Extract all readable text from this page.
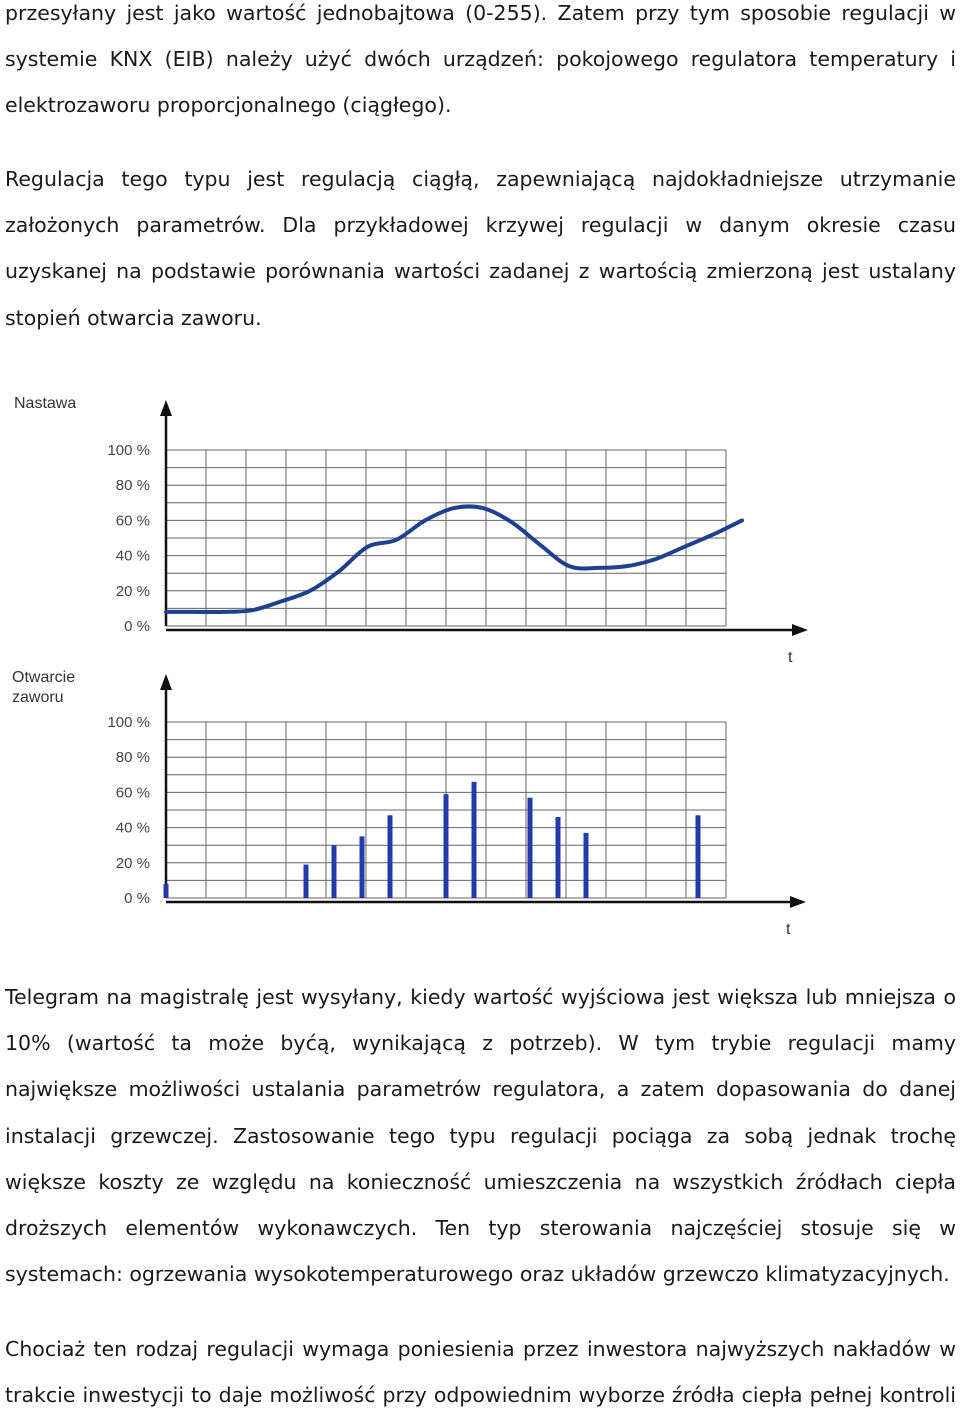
przesyłany jest jako wartość jednobajtowa (0-255). Zatem przy tym sposobie regulacji w systemie KNX (EIB) należy użyć dwóch urządzeń: pokojowego regulatora temperatury i elektrozaworu proporcjonalnego (ciągłego).

Regulacja tego typu jest regulacją ciągłą, zapewniającą najdokładniejsze utrzymanie założonych parametrów. Dla przykładowej krzywej regulacji w danym okresie czasu uzyskanej na podstawie porównania wartości zadanej z wartością zmierzoną jest ustalany stopień otwarcia zaworu.

100 %
80 %
60 %
40 %
20 %
0 %
100 %
80 %
60 %
40 %
20 %
0 %
Nastawa
Otwarcie
zaworu
t
t

Telegram na magistralę jest wysyłany, kiedy wartość wyjściowa jest większa lub mniejsza o 10% (wartość ta może byćą, wynikającą z potrzeb). W tym trybie regulacji mamy największe możliwości ustalania parametrów regulatora, a zatem dopasowania do danej instalacji grzewczej. Zastosowanie tego typu regulacji pociąga za sobą jednak trochę większe koszty ze względu na konieczność umieszczenia na wszystkich źródłach ciepła droższych elementów wykonawczych. Ten typ sterowania najczęściej stosuje się w systemach: ogrzewania wysokotemperaturowego oraz układów grzewczo klimatyzacyjnych.

Chociaż ten rodzaj regulacji wymaga poniesienia przez inwestora najwyższych nakładów w trakcie inwestycji to daje możliwość przy odpowiednim wyborze źródła ciepła pełnej kontroli
